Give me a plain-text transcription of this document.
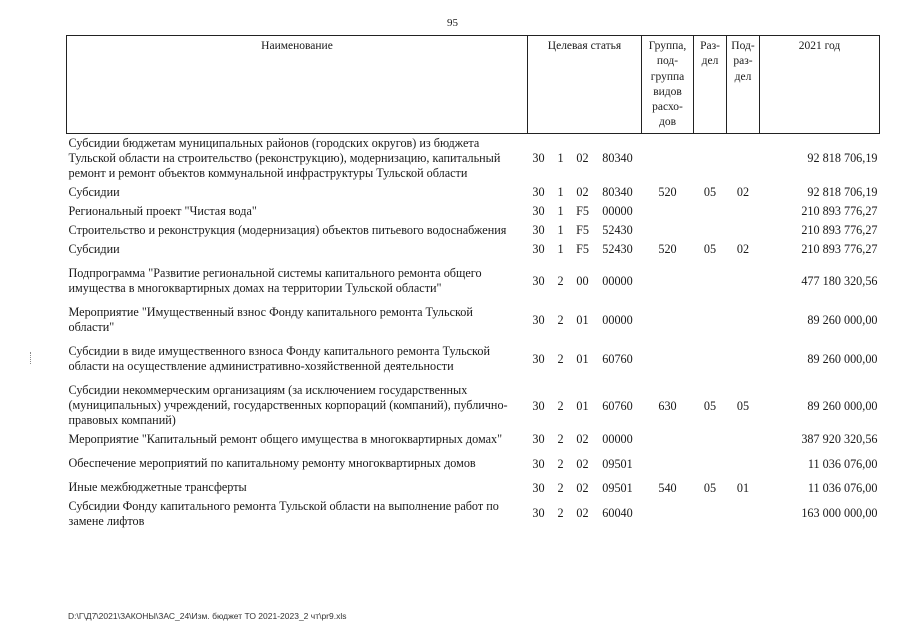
95
Наименование	Целевая статья				Группа, под-группа видов расхо-дов	Раз-дел	Под-раз-дел	2021 год
Субсидии бюджетам муниципальных районов (городских округов) из бюджета Тульской области на строительство (реконструкцию), модернизацию, капитальный ремонт и ремонт объектов коммунальной инфраструктуры Тульской области	30	1	02	80340				92 818 706,19
Субсидии	30	1	02	80340	520	05	02	92 818 706,19
Региональный проект "Чистая вода"	30	1	F5	00000				210 893 776,27
Строительство и реконструкция (модернизация) объектов питьевого водоснабжения	30	1	F5	52430				210 893 776,27
Субсидии	30	1	F5	52430	520	05	02	210 893 776,27
Подпрограмма "Развитие региональной системы капитального ремонта общего имущества в многоквартирных домах на территории Тульской области"	30	2	00	00000				477 180 320,56
Мероприятие "Имущественный взнос Фонду капитального ремонта Тульской области"	30	2	01	00000				89 260 000,00
Субсидии в виде имущественного взноса Фонду капитального ремонта Тульской области на осуществление административно-хозяйственной деятельности	30	2	01	60760				89 260 000,00
Субсидии некоммерческим организациям (за исключением государственных (муниципальных) учреждений, государственных корпораций (компаний), публично-правовых компаний)	30	2	01	60760	630	05	05	89 260 000,00
Мероприятие "Капитальный ремонт общего имущества в многоквартирных домах"	30	2	02	00000				387 920 320,56
Обеспечение мероприятий по капитальному ремонту многоквартирных домов	30	2	02	09501				11 036 076,00
Иные межбюджетные трансферты	30	2	02	09501	540	05	01	11 036 076,00
Субсидии Фонду капитального ремонта Тульской области на выполнение работ по замене лифтов	30	2	02	60040				163 000 000,00
D:\Г\Д7\2021\ЗАКОНЫ\ЗАС_24\Изм. бюджет ТО 2021-2023_2 чт\pr9.xls
